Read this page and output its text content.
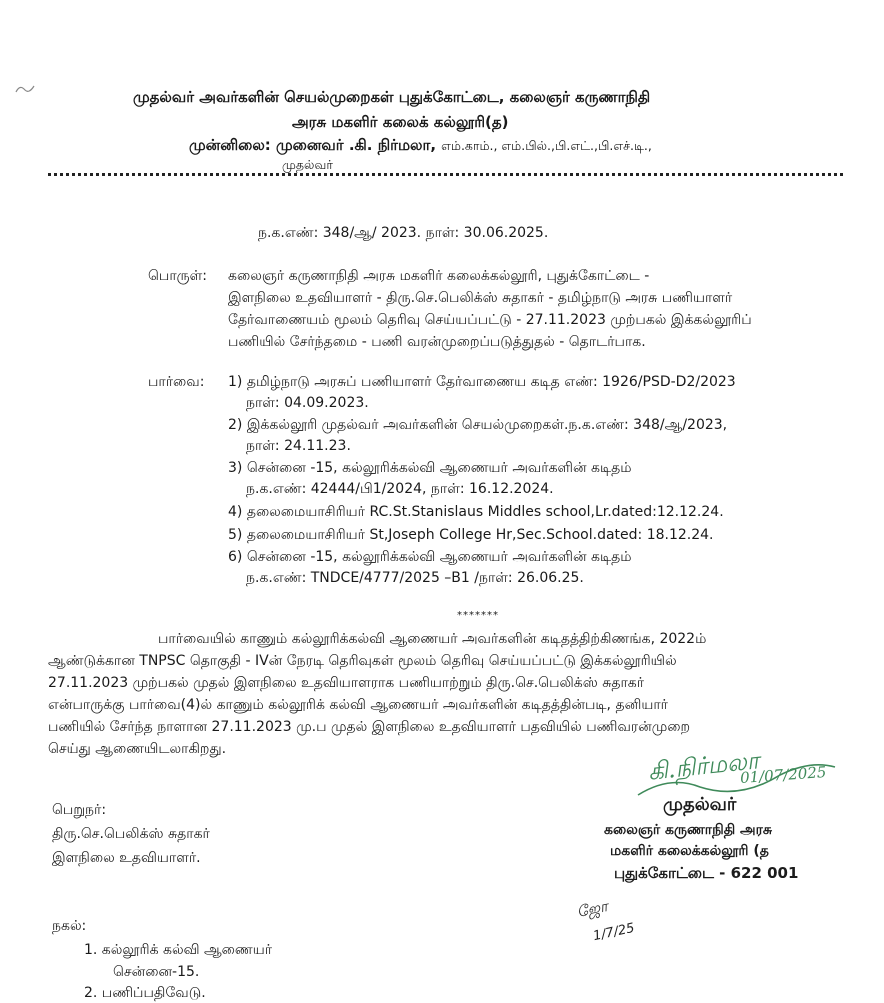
முதல்வர் அவர்களின் செயல்முறைகள் புதுக்கோட்டை, கலைஞர் கருணாநிதி
அரசு மகளிர் கலைக் கல்லூரி(த)
முன்னிலை: முனைவர் .கி. நிர்மலா, எம்.காம்., எம்.பில்.,பி.எட்.,பி.எச்.டி.,
முதல்வர்
ந.க.எண்: 348/ஆ/ 2023. நாள்: 30.06.2025.
பொருள்: கலைஞர் கருணாநிதி அரசு மகளிர் கலைக்கல்லூரி, புதுக்கோட்டை -
இளநிலை உதவியாளர் - திரு.செ.பெலிக்ஸ் சுதாகர் - தமிழ்நாடு அரசு பணியாளர்
தேர்வாணையம் மூலம் தெரிவு செய்யப்பட்டு - 27.11.2023 முற்பகல் இக்கல்லூரிப்
பணியில் சேர்ந்தமை - பணி வரன்முறைப்படுத்துதல் - தொடர்பாக.
பார்வை: 1) தமிழ்நாடு அரசுப் பணியாளர் தேர்வாணைய கடித எண்: 1926/PSD-D2/2023
நாள்: 04.09.2023.
2) இக்கல்லூரி முதல்வர் அவர்களின் செயல்முறைகள்.ந.க.எண்: 348/ஆ/2023,
நாள்: 24.11.23.
3) சென்னை -15, கல்லூரிக்கல்வி ஆணையர் அவர்களின் கடிதம்
ந.க.எண்: 42444/பி1/2024, நாள்: 16.12.2024.
4) தலைமையாசிரியர் RC.St.Stanislaus Middles school,Lr.dated:12.12.24.
5) தலைமையாசிரியர் St,Joseph College Hr,Sec.School.dated: 18.12.24.
6) சென்னை -15, கல்லூரிக்கல்வி ஆணையர் அவர்களின் கடிதம்
ந.க.எண்: TNDCE/4777/2025 –B1 /நாள்: 26.06.25.
*******
பார்வையில் காணும் கல்லூரிக்கல்வி ஆணையர் அவர்களின் கடிதத்திற்கிணங்க, 2022ம்
ஆண்டுக்கான TNPSC தொகுதி - IVன் நேரடி தெரிவுகள் மூலம் தெரிவு செய்யப்பட்டு இக்கல்லூரியில்
27.11.2023 முற்பகல் முதல் இளநிலை உதவியாளராக பணியாற்றும் திரு.செ.பெலிக்ஸ் சுதாகர்
என்பாருக்கு பார்வை(4)ல் காணும் கல்லூரிக் கல்வி ஆணையர் அவர்களின் கடிதத்தின்படி, தனியார்
பணியில் சேர்ந்த நாளான 27.11.2023 மு.ப முதல் இளநிலை உதவியாளர் பதவியில் பணிவரன்முறை
செய்து ஆணையிடலாகிறது.	கி.நிர்மலா
01/07/2025
முதல்வர்
கலைஞர் கருணாநிதி அரசு
மகளிர் கலைக்கல்லூரி (த
புதுக்கோட்டை - 622 001
பெறுநர்:
திரு.செ.பெலிக்ஸ் சுதாகர்
இளநிலை உதவியாளர்.
நகல்:
1. கல்லூரிக் கல்வி ஆணையர்
சென்னை-15.
2. பணிப்பதிவேடு.
ஜோ
1/7/25
